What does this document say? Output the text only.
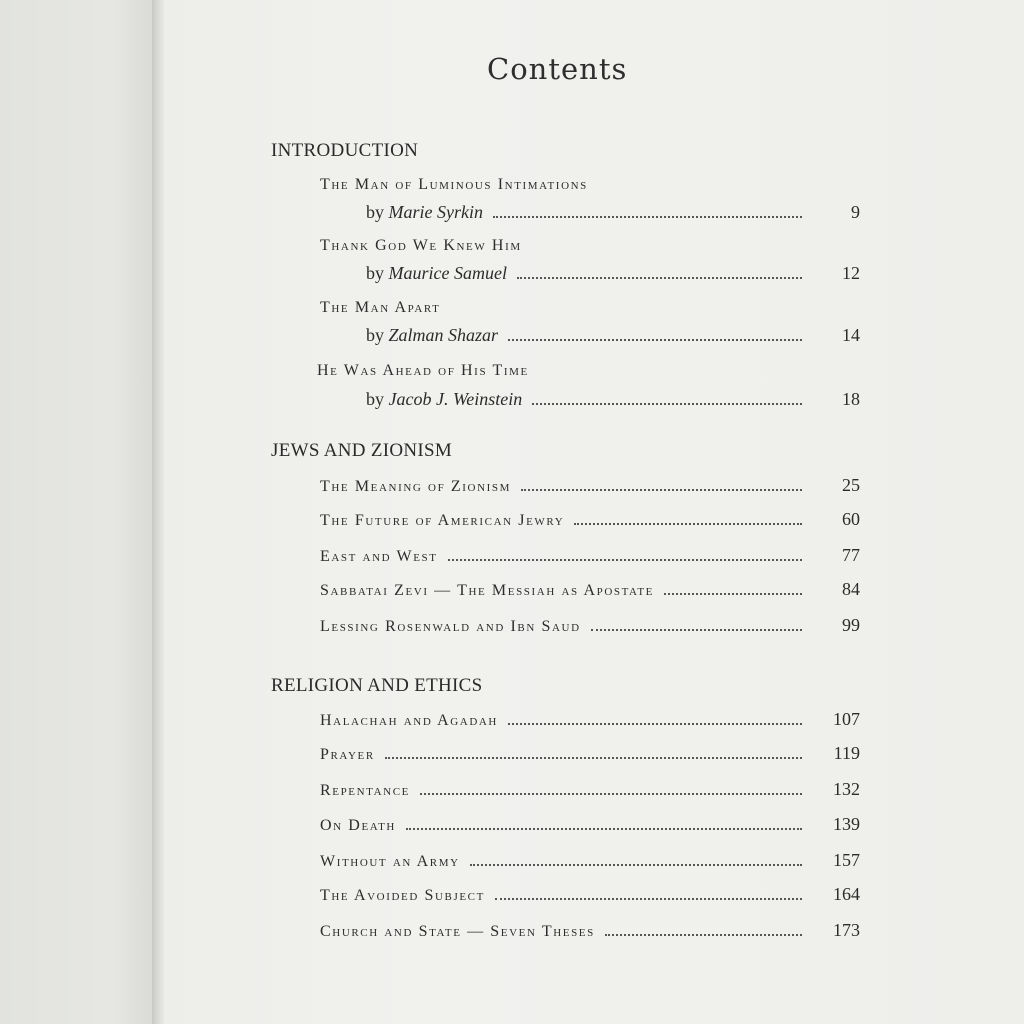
Contents
INTRODUCTION
The Man of Luminous Intimations
by Marie Syrkin	9
Thank God We Knew Him
by Maurice Samuel	12
The Man Apart
by Zalman Shazar	14
He Was Ahead of His Time
by Jacob J. Weinstein	18
JEWS AND ZIONISM
The Meaning of Zionism	25
The Future of American Jewry	60
East and West	77
Sabbatai Zevi — The Messiah as Apostate	84
Lessing Rosenwald and Ibn Saud	99
RELIGION AND ETHICS
Halachah and Agadah	107
Prayer	119
Repentance	132
On Death	139
Without an Army	157
The Avoided Subject	164
Church and State — Seven Theses	173
